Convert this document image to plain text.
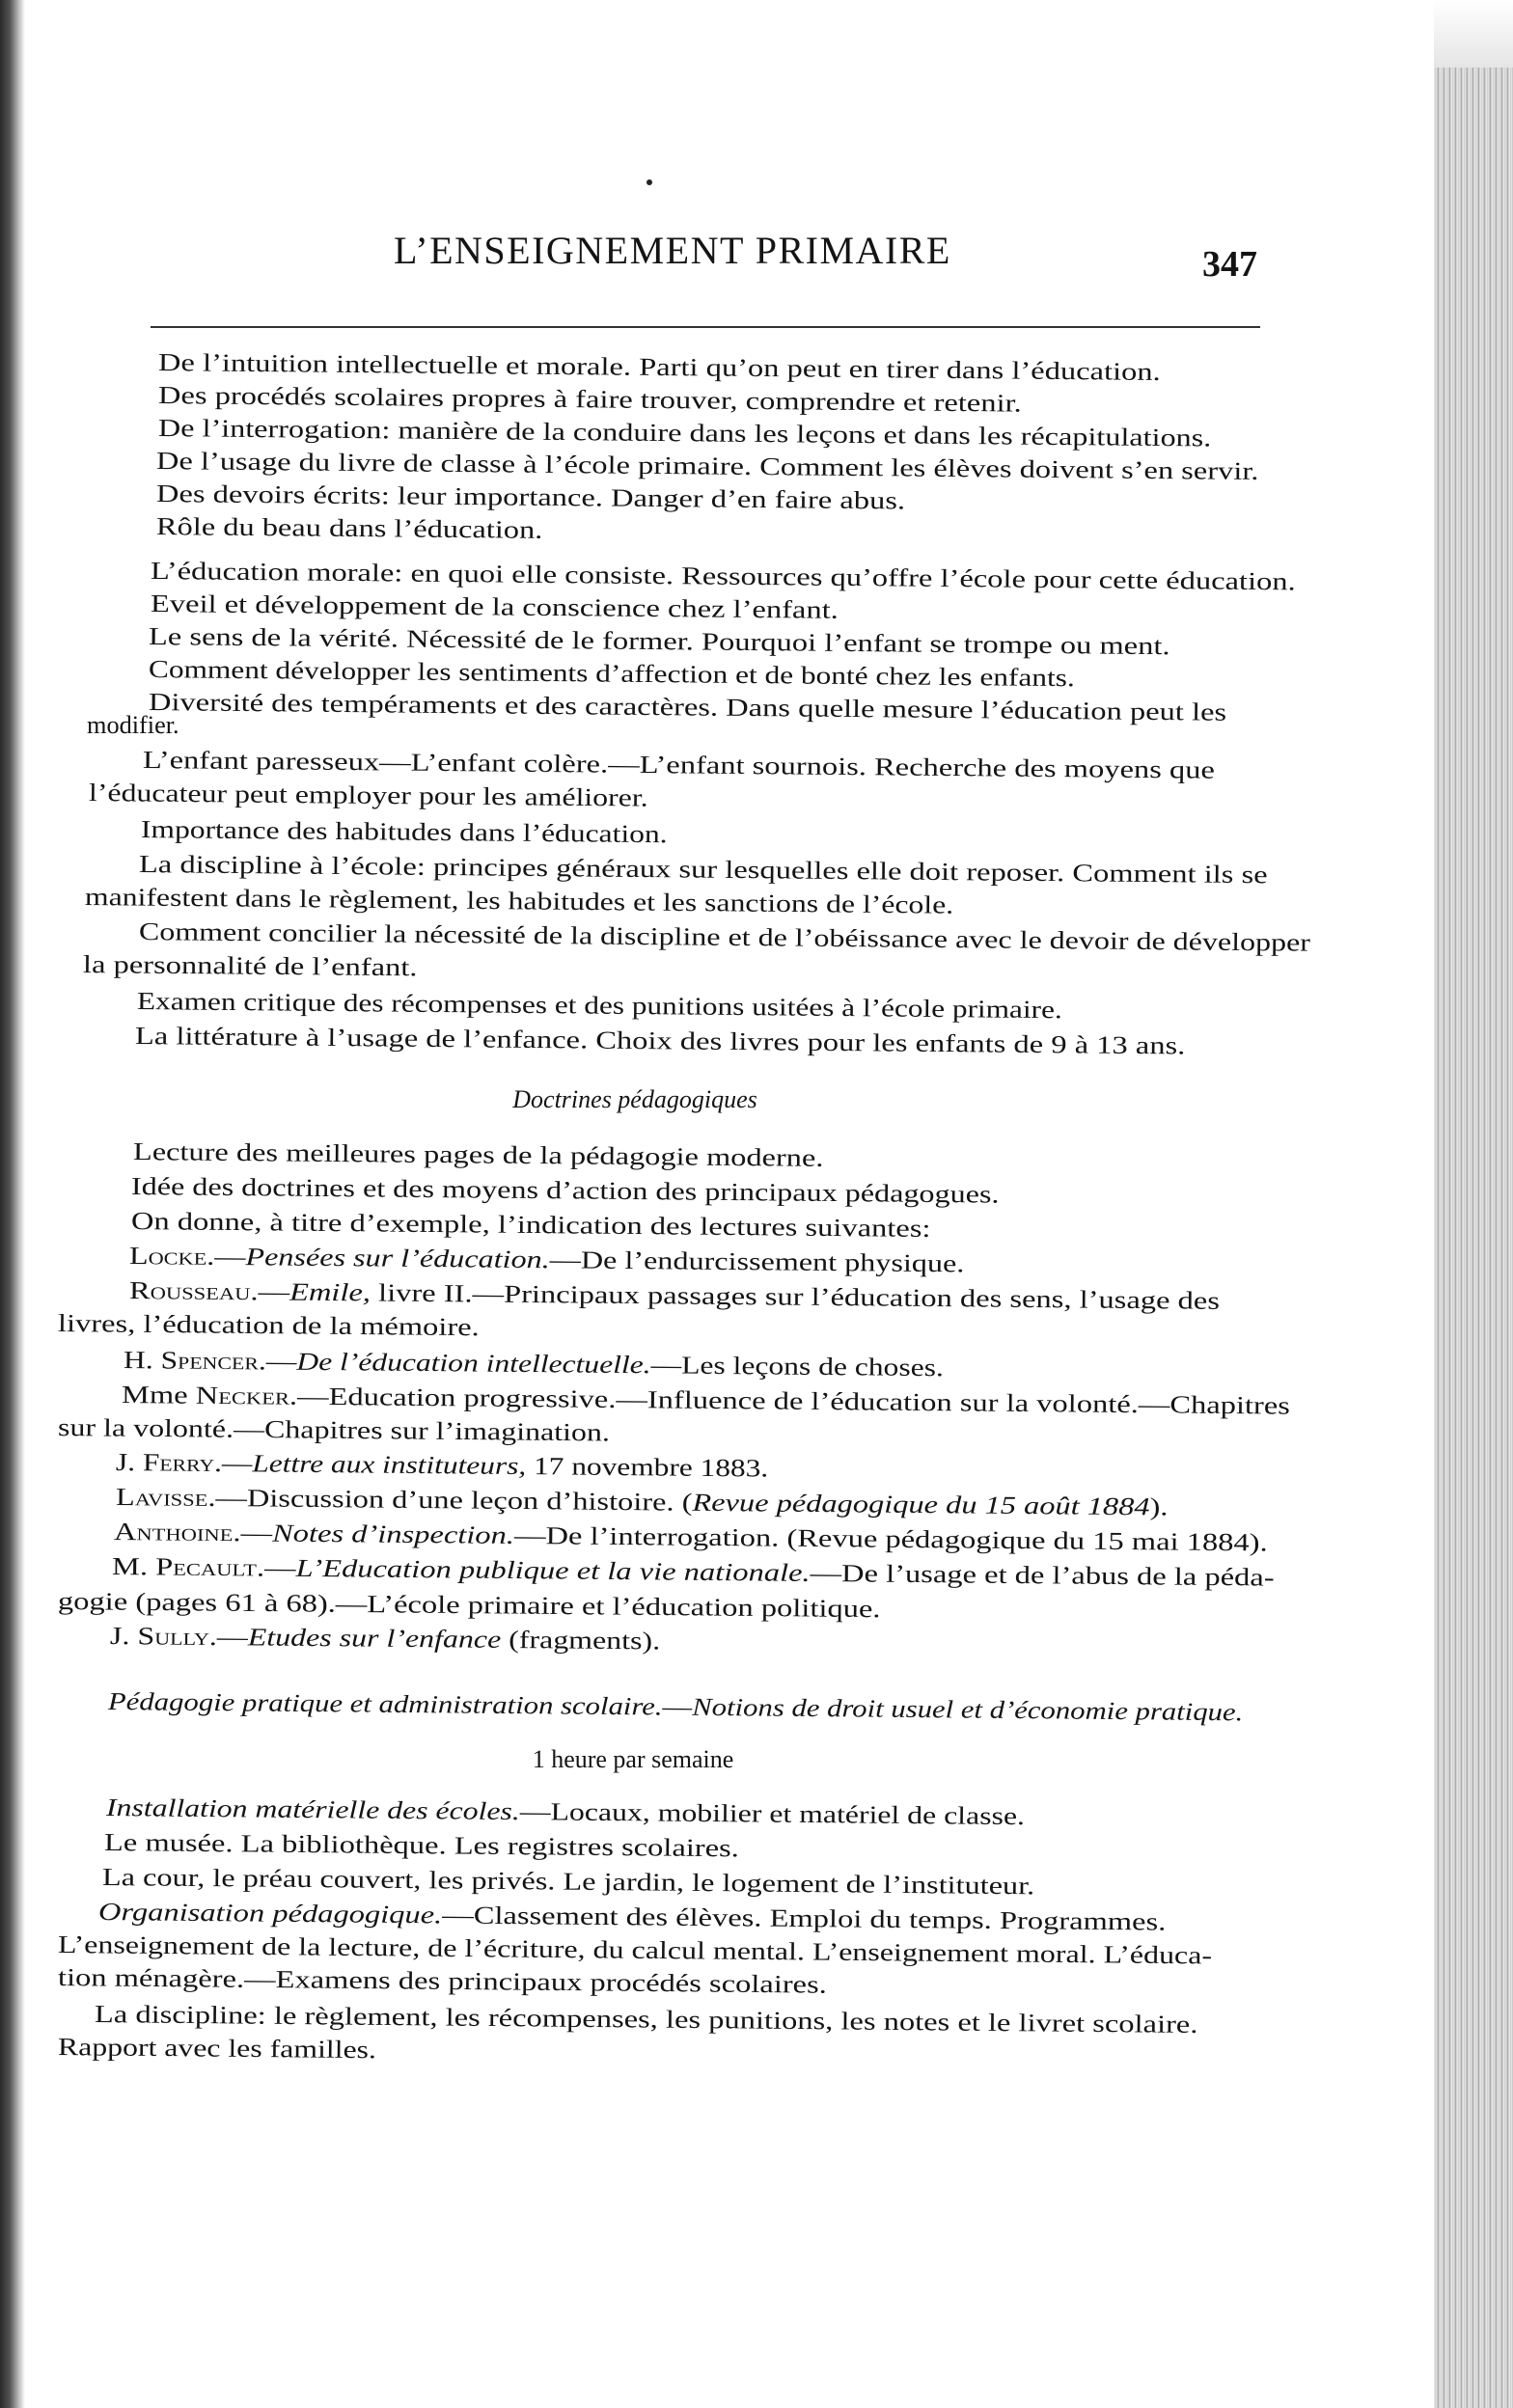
L’ENSEIGNEMENT PRIMAIRE	347

De l’intuition intellectuelle et morale. Parti qu’on peut en tirer dans l’éducation.

Des procédés scolaires propres à faire trouver, comprendre et retenir.

De l’interrogation: manière de la conduire dans les leçons et dans les récapitulations.

De l’usage du livre de classe à l’école primaire. Comment les élèves doivent s’en servir.

Des devoirs écrits: leur importance. Danger d’en faire abus.

Rôle du beau dans l’éducation.

L’éducation morale: en quoi elle consiste. Ressources qu’offre l’école pour cette éducation.

Eveil et développement de la conscience chez l’enfant.

Le sens de la vérité. Nécessité de le former. Pourquoi l’enfant se trompe ou ment.

Comment développer les sentiments d’affection et de bonté chez les enfants.

Diversité des tempéraments et des caractères. Dans quelle mesure l’éducation peut les

modifier.

L’enfant paresseux—L’enfant colère.—L’enfant sournois. Recherche des moyens que

l’éducateur peut employer pour les améliorer.

Importance des habitudes dans l’éducation.

La discipline à l’école: principes généraux sur lesquelles elle doit reposer. Comment ils se

manifestent dans le règlement, les habitudes et les sanctions de l’école.

Comment concilier la nécessité de la discipline et de l’obéissance avec le devoir de développer

la personnalité de l’enfant.

Examen critique des récompenses et des punitions usitées à l’école primaire.

La littérature à l’usage de l’enfance. Choix des livres pour les enfants de 9 à 13 ans.

Doctrines pédagogiques

Lecture des meilleures pages de la pédagogie moderne.

Idée des doctrines et des moyens d’action des principaux pédagogues.

On donne, à titre d’exemple, l’indication des lectures suivantes:

Locke.—Pensées sur l’éducation.—De l’endurcissement physique.

Rousseau.—Emile, livre II.—Principaux passages sur l’éducation des sens, l’usage des

livres, l’éducation de la mémoire.

H. Spencer.—De l’éducation intellectuelle.—Les leçons de choses.

Mme Necker.—Education progressive.—Influence de l’éducation sur la volonté.—Chapitres

sur la volonté.—Chapitres sur l’imagination.

J. Ferry.—Lettre aux instituteurs, 17 novembre 1883.

Lavisse.—Discussion d’une leçon d’histoire. (Revue pédagogique du 15 août 1884).

Anthoine.—Notes d’inspection.—De l’interrogation. (Revue pédagogique du 15 mai 1884).

M. Pecault.—L’Education publique et la vie nationale.—De l’usage et de l’abus de la péda-

gogie (pages 61 à 68).—L’école primaire et l’éducation politique.

J. Sully.—Etudes sur l’enfance (fragments).

Pédagogie pratique et administration scolaire.—Notions de droit usuel et d’économie pratique.

1 heure par semaine

Installation matérielle des écoles.—Locaux, mobilier et matériel de classe.

Le musée. La bibliothèque. Les registres scolaires.

La cour, le préau couvert, les privés. Le jardin, le logement de l’instituteur.

Organisation pédagogique.—Classement des élèves. Emploi du temps. Programmes.

L’enseignement de la lecture, de l’écriture, du calcul mental. L’enseignement moral. L’éduca-

tion ménagère.—Examens des principaux procédés scolaires.

La discipline: le règlement, les récompenses, les punitions, les notes et le livret scolaire.

Rapport avec les familles.
